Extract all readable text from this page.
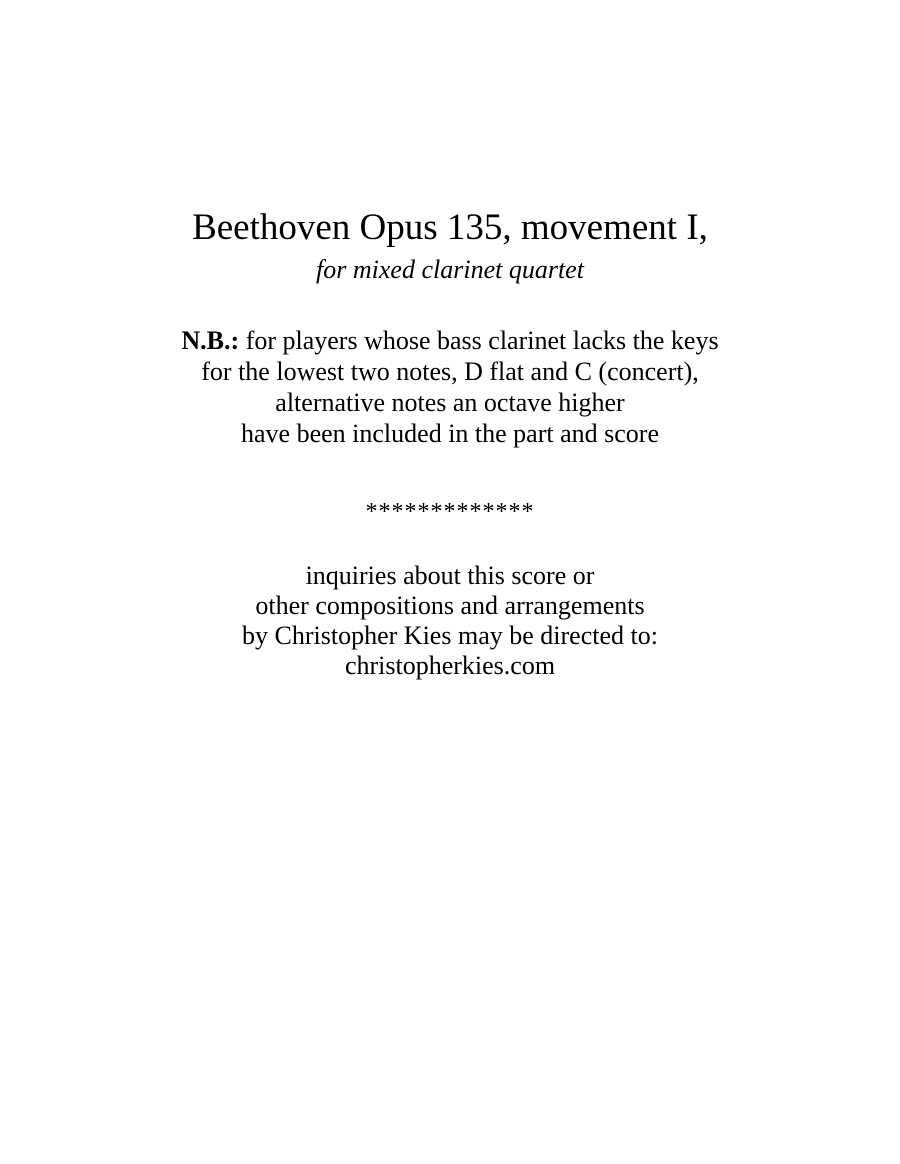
Beethoven Opus 135, movement I,
for mixed clarinet quartet
N.B.: for players whose bass clarinet lacks the keys
for the lowest two notes, D flat and C (concert),
alternative notes an octave higher
have been included in the part and score
*************
inquiries about this score or
other compositions and arrangements
by Christopher Kies may be directed to:
christopherkies.com
